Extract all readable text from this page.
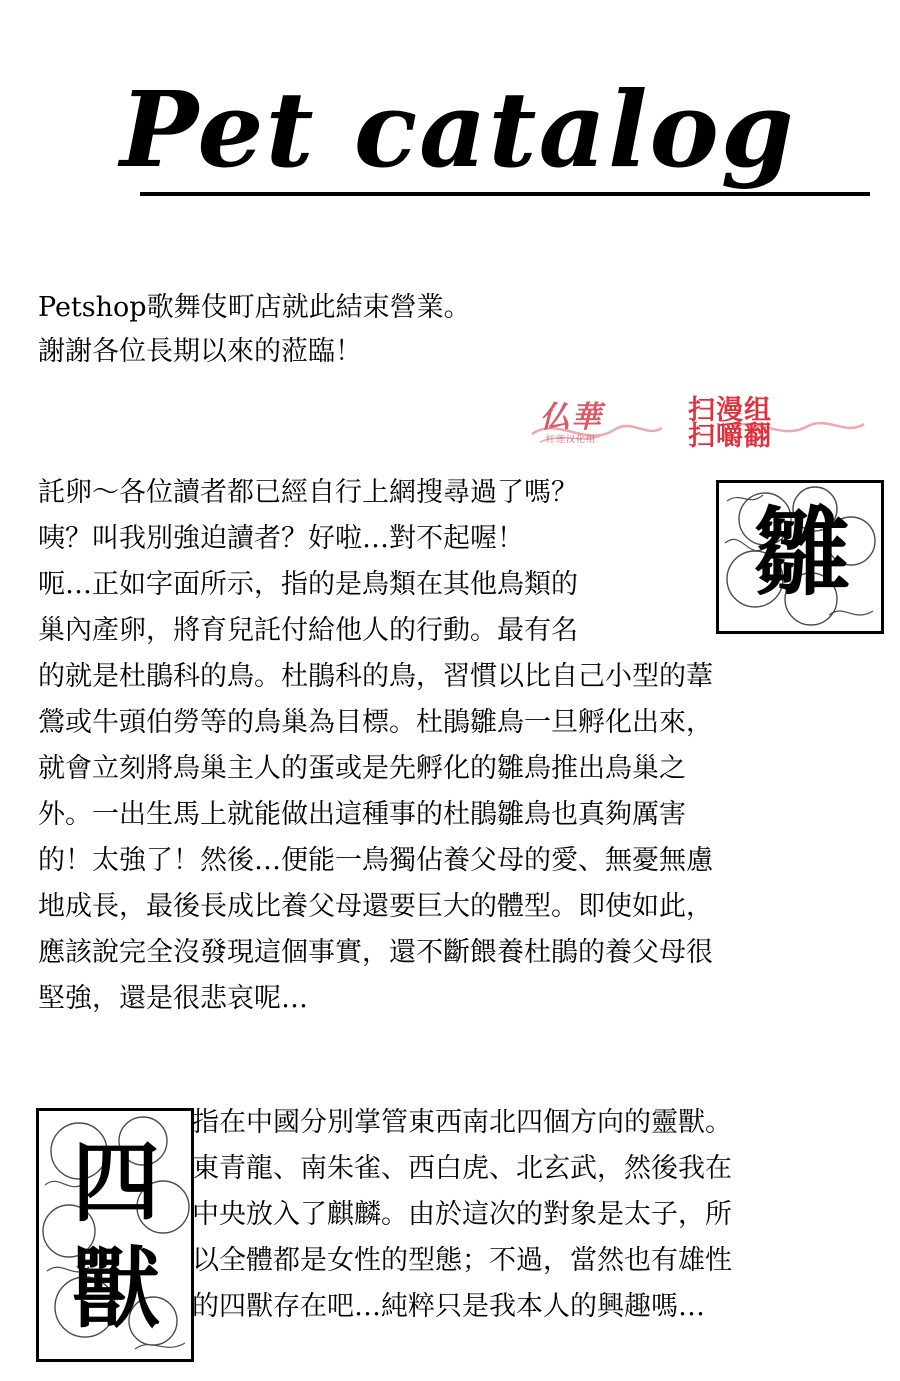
Pet catalog
Petshop歌舞伎町店就此結束營業。
謝謝各位長期以來的蒞臨！
仏華
红莲汉化组
扫漫组
扫嚼翻
雛
託卵〜各位讀者都已經自行上網搜尋過了嗎？
咦？叫我別強迫讀者？好啦…對不起喔！
呃…正如字面所示，指的是鳥類在其他鳥類的
巢內產卵，將育兒託付給他人的行動。最有名
的就是杜鵑科的鳥。杜鵑科的鳥，習慣以比自己小型的葦
鶯或牛頭伯勞等的鳥巢為目標。杜鵑雛鳥一旦孵化出來，
就會立刻將鳥巢主人的蛋或是先孵化的雛鳥推出鳥巢之
外。一出生馬上就能做出這種事的杜鵑雛鳥也真夠厲害
的！太強了！然後…便能一鳥獨佔養父母的愛、無憂無慮
地成長，最後長成比養父母還要巨大的體型。即使如此，
應該說完全沒發現這個事實，還不斷餵養杜鵑的養父母很
堅強，還是很悲哀呢…
四獸
指在中國分別掌管東西南北四個方向的靈獸。
東青龍、南朱雀、西白虎、北玄武，然後我在
中央放入了麒麟。由於這次的對象是太子，所
以全體都是女性的型態；不過，當然也有雄性
的四獸存在吧…純粹只是我本人的興趣嗎…
